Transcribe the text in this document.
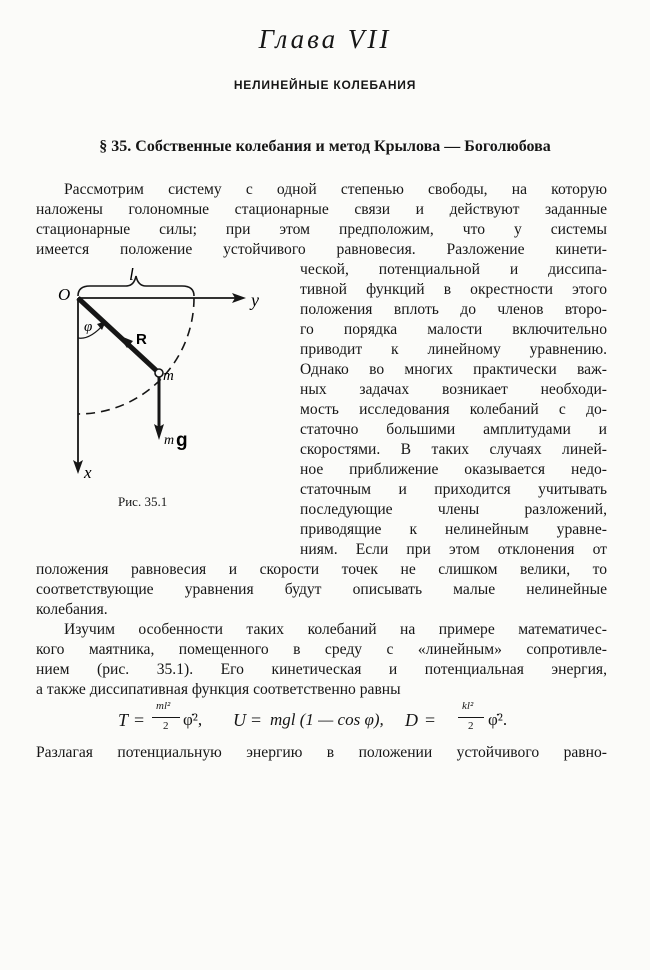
Глава VII
НЕЛИНЕЙНЫЕ КОЛЕБАНИЯ
§ 35. Собственные колебания и метод Крылова — Боголюбова
Рассмотрим систему с одной степенью свободы, на которую
наложены голономные стационарные связи и действуют заданные
стационарные силы; при этом предположим, что у системы
имеется положение устойчивого равновесия. Разложение кинети-
ческой, потенциальной и диссипа-
тивной функций в окрестности этого
положения вплоть до членов второ-
го порядка малости включительно
приводит к линейному уравнению.
Однако во многих практически важ-
ных задачах возникает необходи-
мость исследования колебаний с до-
статочно большими амплитудами и
скоростями. В таких случаях линей-
ное приближение оказывается недо-
статочным и приходится учитывать
последующие члены разложений,
приводящие к нелинейным уравне-
ниям. Если при этом отклонения от
положения равновесия и скорости точек не слишком велики, то
соответствующие уравнения будут описывать малые нелинейные
колебания.
Изучим особенности таких колебаний на примере математичес-
кого маятника, помещенного в среду с «линейным» сопротивле-
нием (рис. 35.1). Его кинетическая и потенциальная энергия,
а также диссипативная функция соответственно равны
T =
ml²
2 φ̇², U = mgl (1 — cos φ), D =
kl²
2 φ̇².
Разлагая потенциальную энергию в положении устойчивого равно-
l
y
O
x
R
φ
m
m g
Рис. 35.1
